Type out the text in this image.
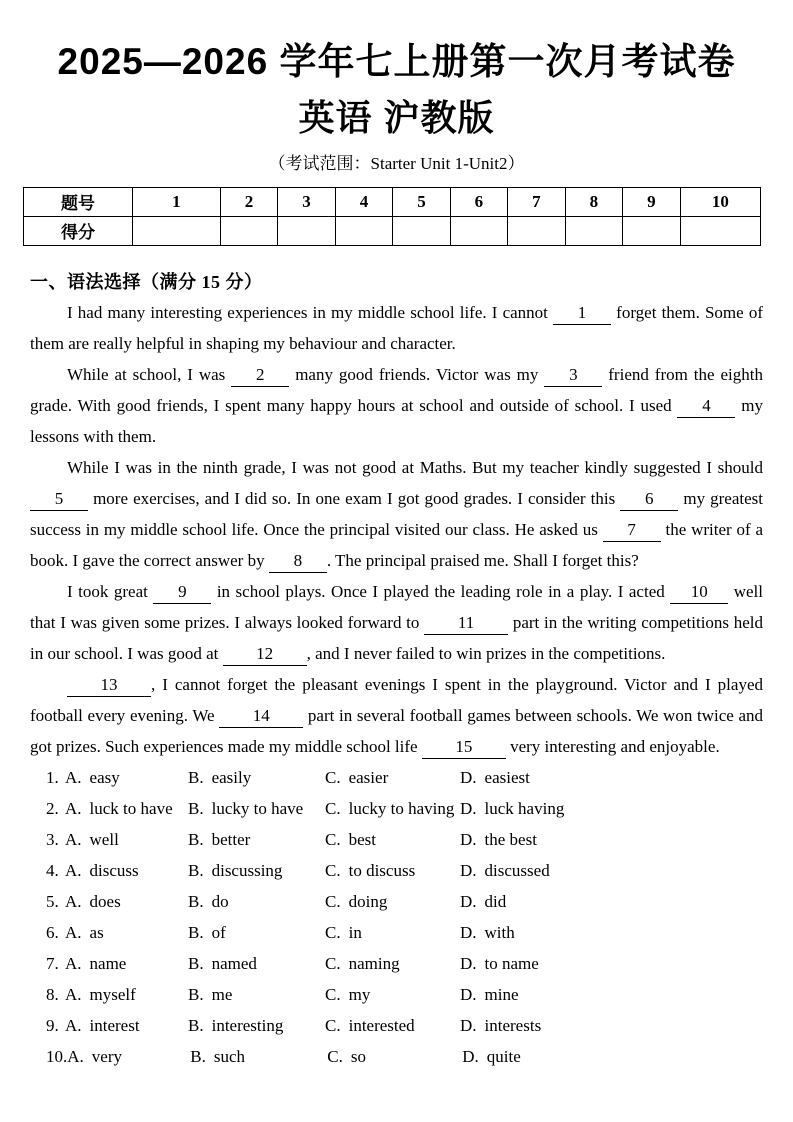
2025—2026 学年七上册第一次月考试卷
英语 沪教版
（考试范围：Starter Unit 1-Unit2）
题号	1	2	3	4	5	6	7	8	9	10
得分										
一、语法选择（满分 15 分）

I had many interesting experiences in my middle school life. I cannot 1 forget them. Some of them are really helpful in shaping my behaviour and character.

While at school, I was 2 many good friends. Victor was my 3 friend from the eighth grade. With good friends, I spent many happy hours at school and outside of school. I used 4 my lessons with them.

While I was in the ninth grade, I was not good at Maths. But my teacher kindly suggested I should 5 more exercises, and I did so. In one exam I got good grades. I consider this 6 my greatest success in my middle school life. Once the principal visited our class. He asked us 7 the writer of a book. I gave the correct answer by 8 . The principal praised me. Shall I forget this?

I took great 9 in school plays. Once I played the leading role in a play. I acted 10 well that I was given some prizes. I always looked forward to 11 part in the writing competitions held in our school. I was good at 12 , and I never failed to win prizes in the competitions.

13 , I cannot forget the pleasant evenings I spent in the playground. Victor and I played football every evening. We 14 part in several football games between schools. We won twice and got prizes. Such experiences made my middle school life 15 very interesting and enjoyable.

1. A. easy	B. easily	C. easier	D. easiest
2. A. luck to have B. lucky to have	C. lucky to having D. luck having
3. A. well	B. better	C. best	D. the best
4. A. discuss	B. discussing	C. to discuss	D. discussed
5. A. does	B. do	C. doing	D. did
6. A. as	B. of	C. in	D. with
7. A. name	B. named	C. naming	D. to name
8. A. myself	B. me	C. my	D. mine
9. A. interest	B. interesting	C. interested	D. interests
10. A. very	B. such	C. so	D. quite
